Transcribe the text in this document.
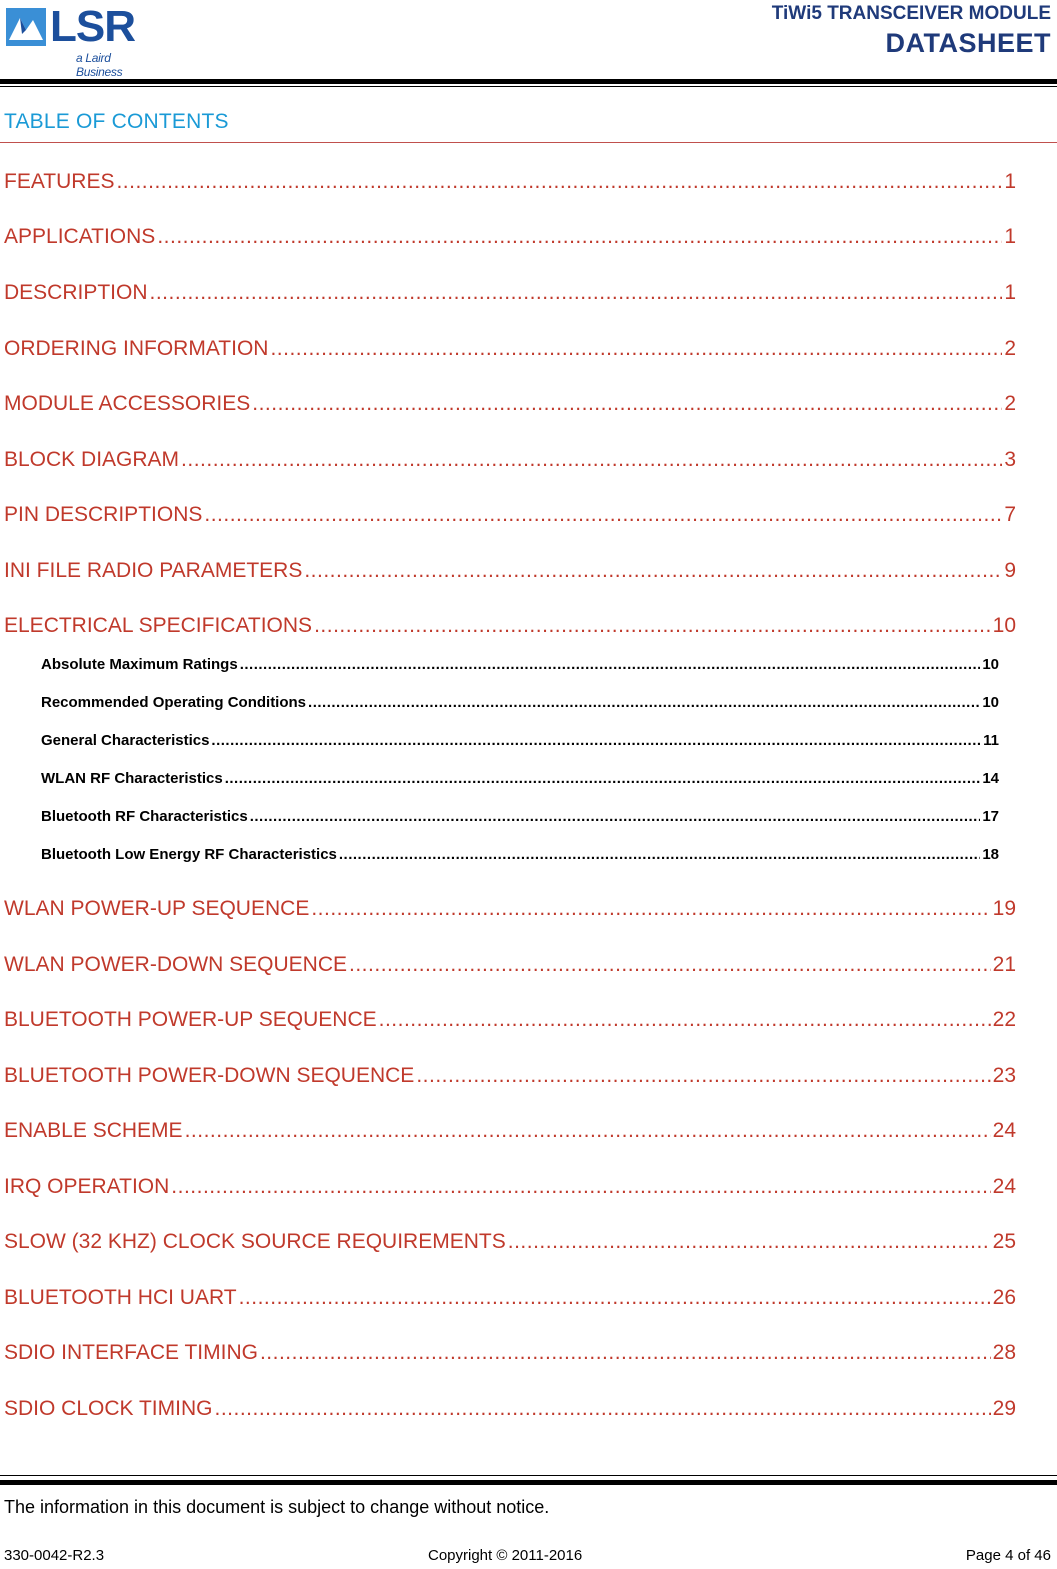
LSR
a Laird Business
TiWi5 TRANSCEIVER MODULE
DATASHEET
TABLE OF CONTENTS
FEATURES .....	1
APPLICATIONS .....	1
DESCRIPTION .....	1
ORDERING INFORMATION .....	2
MODULE ACCESSORIES .....	2
BLOCK DIAGRAM .....	3
PIN DESCRIPTIONS .....	7
INI FILE RADIO PARAMETERS .....	9
ELECTRICAL SPECIFICATIONS .....	10
Absolute Maximum Ratings .....	10
Recommended Operating Conditions .....	10
General Characteristics .....	11
WLAN RF Characteristics .....	14
Bluetooth RF Characteristics .....	17
Bluetooth Low Energy RF Characteristics .....	18
WLAN POWER-UP SEQUENCE .....	19
WLAN POWER-DOWN SEQUENCE .....	21
BLUETOOTH POWER-UP SEQUENCE .....	22
BLUETOOTH POWER-DOWN SEQUENCE .....	23
ENABLE SCHEME .....	24
IRQ OPERATION .....	24
SLOW (32 KHZ) CLOCK SOURCE REQUIREMENTS .....	25
BLUETOOTH HCI UART .....	26
SDIO INTERFACE TIMING .....	28
SDIO CLOCK TIMING .....	29
The information in this document is subject to change without notice.
330-0042-R2.3	Copyright © 2011-2016	Page 4 of 46
